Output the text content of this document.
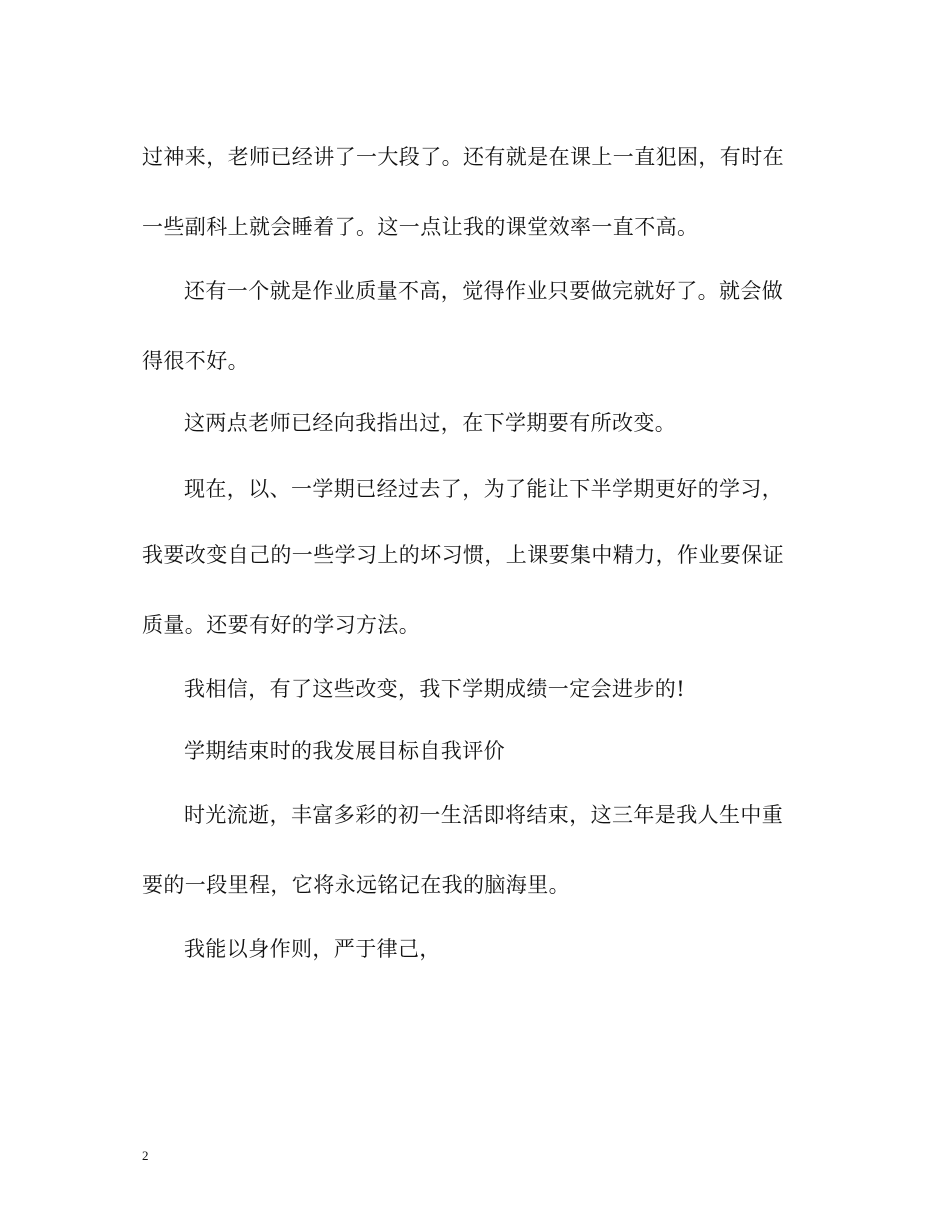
过神来，老师已经讲了一大段了。还有就是在课上一直犯困，有时在
一些副科上就会睡着了。这一点让我的课堂效率一直不高。
还有一个就是作业质量不高，觉得作业只要做完就好了。就会做
得很不好。
这两点老师已经向我指出过，在下学期要有所改变。
现在，以、一学期已经过去了，为了能让下半学期更好的学习，
我要改变自己的一些学习上的坏习惯，上课要集中精力，作业要保证
质量。还要有好的学习方法。
我相信，有了这些改变，我下学期成绩一定会进步的!
学期结束时的我发展目标自我评价
时光流逝，丰富多彩的初一生活即将结束，这三年是我人生中重
要的一段里程，它将永远铭记在我的脑海里。
我能以身作则，严于律己，
2
